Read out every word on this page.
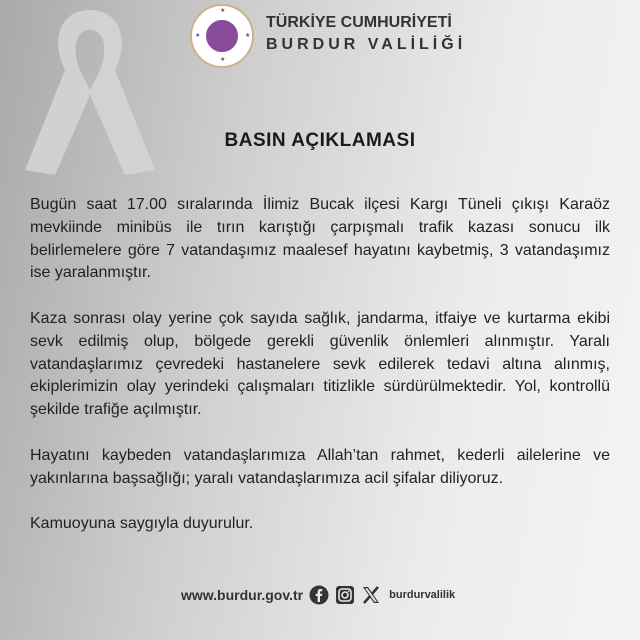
★
★	★
★
TÜRKİYE CUMHURİYETİ
BURDUR VALİLİĞİ
BASIN AÇIKLAMASI

Bugün saat 17.00 sıralarında İlimiz Bucak ilçesi Kargı Tüneli çıkışı Karaöz mevkiinde minibüs ile tırın karıştığı çarpışmalı trafik kazası sonucu ilk belirlemelere göre 7 vatandaşımız maalesef hayatını kaybetmiş, 3 vatandaşımız ise yaralanmıştır.

Kaza sonrası olay yerine çok sayıda sağlık, jandarma, itfaiye ve kurtarma ekibi sevk edilmiş olup, bölgede gerekli güvenlik önlemleri alınmıştır. Yaralı vatandaşlarımız çevredeki hastanelere sevk edilerek tedavi altına alınmış, ekiplerimizin olay yerindeki çalışmaları titizlikle sürdürülmektedir. Yol, kontrollü şekilde trafiğe açılmıştır.

Hayatını kaybeden vatandaşlarımıza Allah’tan rahmet, kederli ailelerine ve yakınlarına başsağlığı; yaralı vatandaşlarımıza acil şifalar diliyoruz.

Kamuoyuna saygıyla duyurulur.

www.burdur.gov.tr	burdurvalilik
